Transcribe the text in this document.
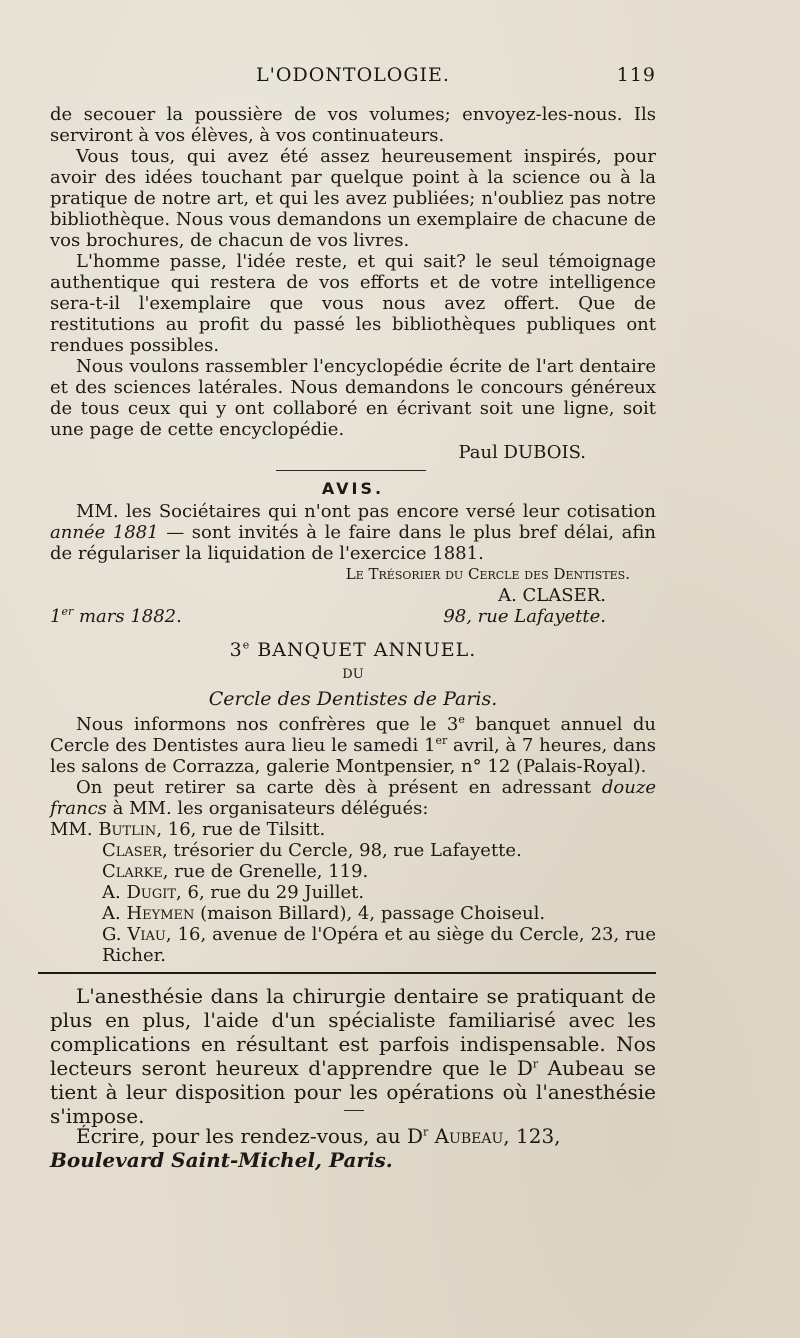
L'ODONTOLOGIE.	119

de secouer la poussière de vos volumes; envoyez-les-nous. Ils serviront à vos élèves, à vos continuateurs.

Vous tous, qui avez été assez heureusement inspirés, pour avoir des idées touchant par quelque point à la science ou à la pratique de notre art, et qui les avez publiées; n'oubliez pas notre bibliothèque. Nous vous demandons un exemplaire de chacune de vos brochures, de chacun de vos livres.

L'homme passe, l'idée reste, et qui sait? le seul témoignage authentique qui restera de vos efforts et de votre intelligence sera-t-il l'exemplaire que vous nous avez offert. Que de restitutions au profit du passé les bibliothèques publiques ont rendues possibles.

Nous voulons rassembler l'encyclopédie écrite de l'art dentaire et des sciences latérales. Nous demandons le concours généreux de tous ceux qui y ont collaboré en écrivant soit une ligne, soit une page de cette encyclopédie.

Paul DUBOIS.

AVIS.

MM. les Sociétaires qui n'ont pas encore versé leur cotisation année 1881 — sont invités à le faire dans le plus bref délai, afin de régulariser la liquidation de l'exercice 1881.

Le Trésorier du Cercle des Dentistes.

A. CLASER.

1er mars 1882.	98, rue Lafayette.
3e BANQUET ANNUEL.
DU
Cercle des Dentistes de Paris.

Nous informons nos confrères que le 3e banquet annuel du Cercle des Dentistes aura lieu le samedi 1er avril, à 7 heures, dans les salons de Corrazza, galerie Montpensier, n° 12 (Palais-Royal).

On peut retirer sa carte dès à présent en adressant douze francs à MM. les organisateurs délégués:

MM. Butlin, 16, rue de Tilsitt.

Claser, trésorier du Cercle, 98, rue Lafayette.

Clarke, rue de Grenelle, 119.

A. Dugit, 6, rue du 29 Juillet.

A. Heymen (maison Billard), 4, passage Choiseul.

G. Viau, 16, avenue de l'Opéra et au siège du Cercle, 23, rue Richer.

L'anesthésie dans la chirurgie dentaire se pratiquant de plus en plus, l'aide d'un spécialiste familiarisé avec les complications en résultant est parfois indispensable. Nos lecteurs seront heureux d'apprendre que le $D^r$ Aubeau se tient à leur disposition pour les opérations où l'anesthésie s'impose.

Écrire, pour les rendez-vous, au $D^r$ Aubeau, 123, Boulevard Saint-Michel, Paris.
